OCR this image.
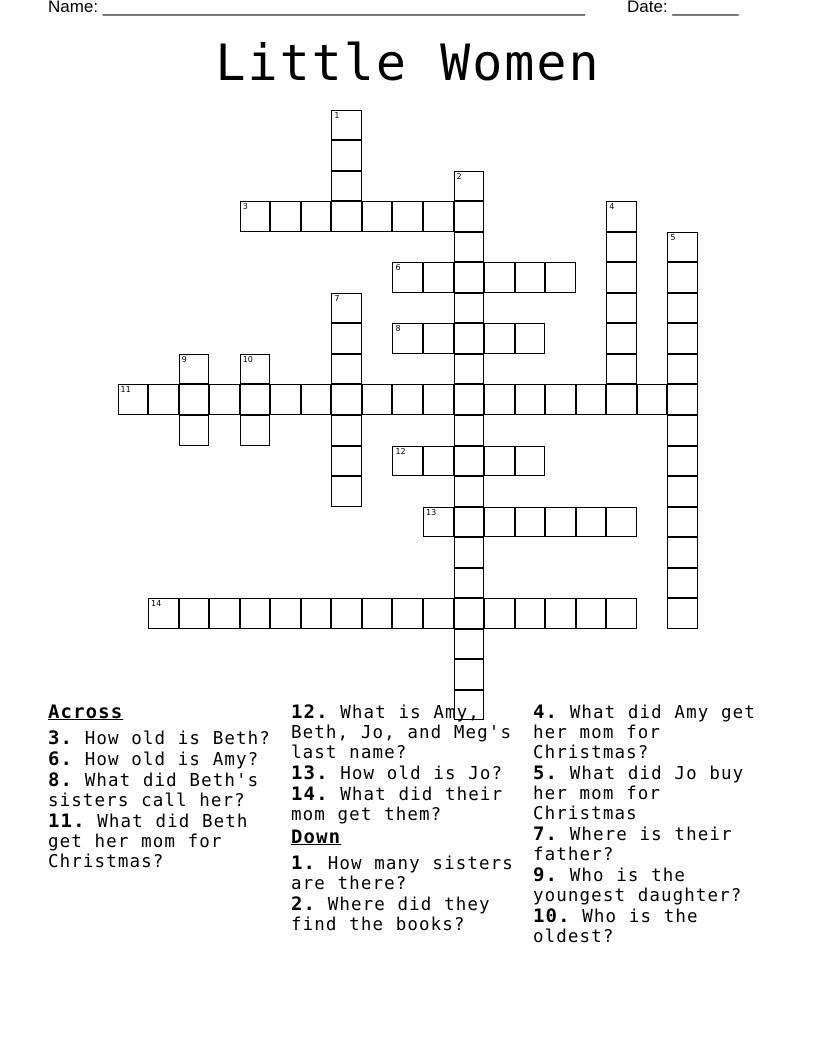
Name: ___________________________________________________ Date: _______
Little Women
1
2
3	4
5
6
7
8
9	10
11
12
13
14
Across

3. How old is Beth?

6. How old is Amy?

8. What did Beth's sisters call her?

11. What did Beth get her mom for Christmas?

12. What is Amy, Beth, Jo, and Meg's last name?

13. How old is Jo?

14. What did their mom get them?

Down

1. How many sisters are there?

2. Where did they find the books?

4. What did Amy get her mom for Christmas?

5. What did Jo buy her mom for Christmas

7. Where is their father?

9. Who is the youngest daughter?

10. Who is the oldest?
